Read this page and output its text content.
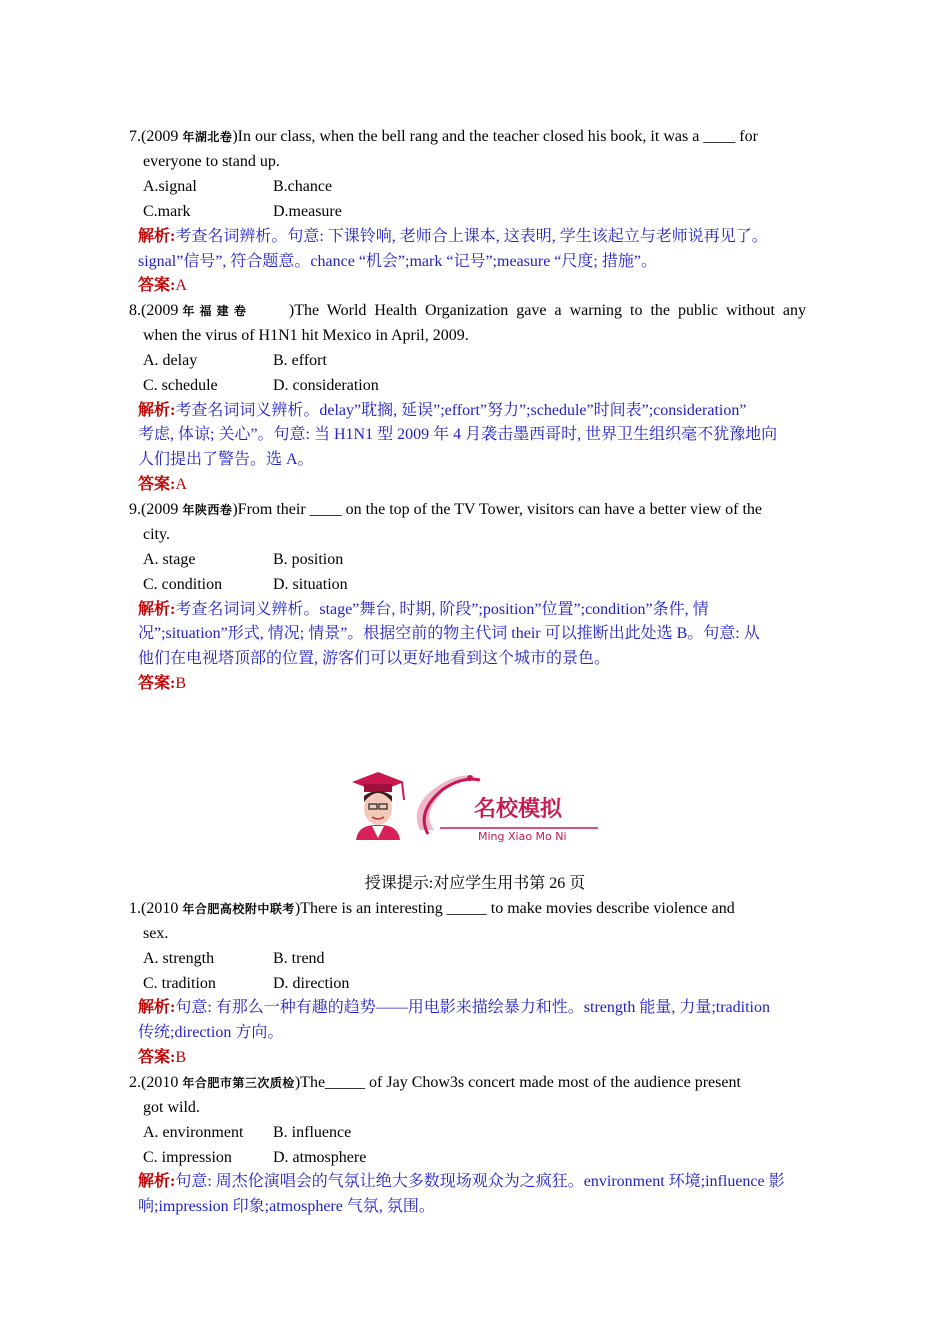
7.(2009 年湖北卷)In our class, when the bell rang and the teacher closed his book, it was a ____ for
everyone to stand up.
A.signal	B.chance
C.mark	D.measure
解析:考查名词辨析。句意: 下课铃响, 老师合上课本, 这表明, 学生该起立与老师说再见了。
signal”信号”, 符合题意。chance “机会”;mark “记号”;measure “尺度; 措施”。
答案:A
8.(2009 年 福 建 卷	)The World Health Organization gave a warning to the public without any
when the virus of H1N1 hit Mexico in April, 2009.
A. delay	B. effort
C. schedule	D. consideration
解析:考查名词词义辨析。delay”耽搁, 延误”;effort”努力”;schedule”时间表”;consideration”
考虑, 体谅; 关心”。句意: 当 H1N1 型 2009 年 4 月袭击墨西哥时, 世界卫生组织毫不犹豫地向
人们提出了警告。选 A。
答案:A
9.(2009 年陕西卷)From their ____ on the top of the TV Tower, visitors can have a better view of the
city.
A. stage	B. position
C. condition	D. situation
解析:考查名词词义辨析。stage”舞台, 时期, 阶段”;position”位置”;condition”条件, 情
况”;situation”形式, 情况; 情景”。根据空前的物主代词 their 可以推断出此处选 B。句意: 从
他们在电视塔顶部的位置, 游客们可以更好地看到这个城市的景色。
答案:B
名校模拟
Ming Xiao Mo Ni
授课提示:对应学生用书第 26 页
1.(2010 年合肥高校附中联考)There is an interesting _____ to make movies describe violence and
sex.
A. strength	B. trend
C. tradition	D. direction
解析:句意: 有那么一种有趣的趋势——用电影来描绘暴力和性。strength 能量, 力量;tradition
传统;direction 方向。
答案:B
2.(2010 年合肥市第三次质检)The_____ of Jay Chow3s concert made most of the audience present
got wild.
A. environment B. influence
C. impression	D. atmosphere
解析:句意: 周杰伦演唱会的气氛让绝大多数现场观众为之疯狂。environment 环境;influence 影
响;impression 印象;atmosphere 气氛, 氛围。
